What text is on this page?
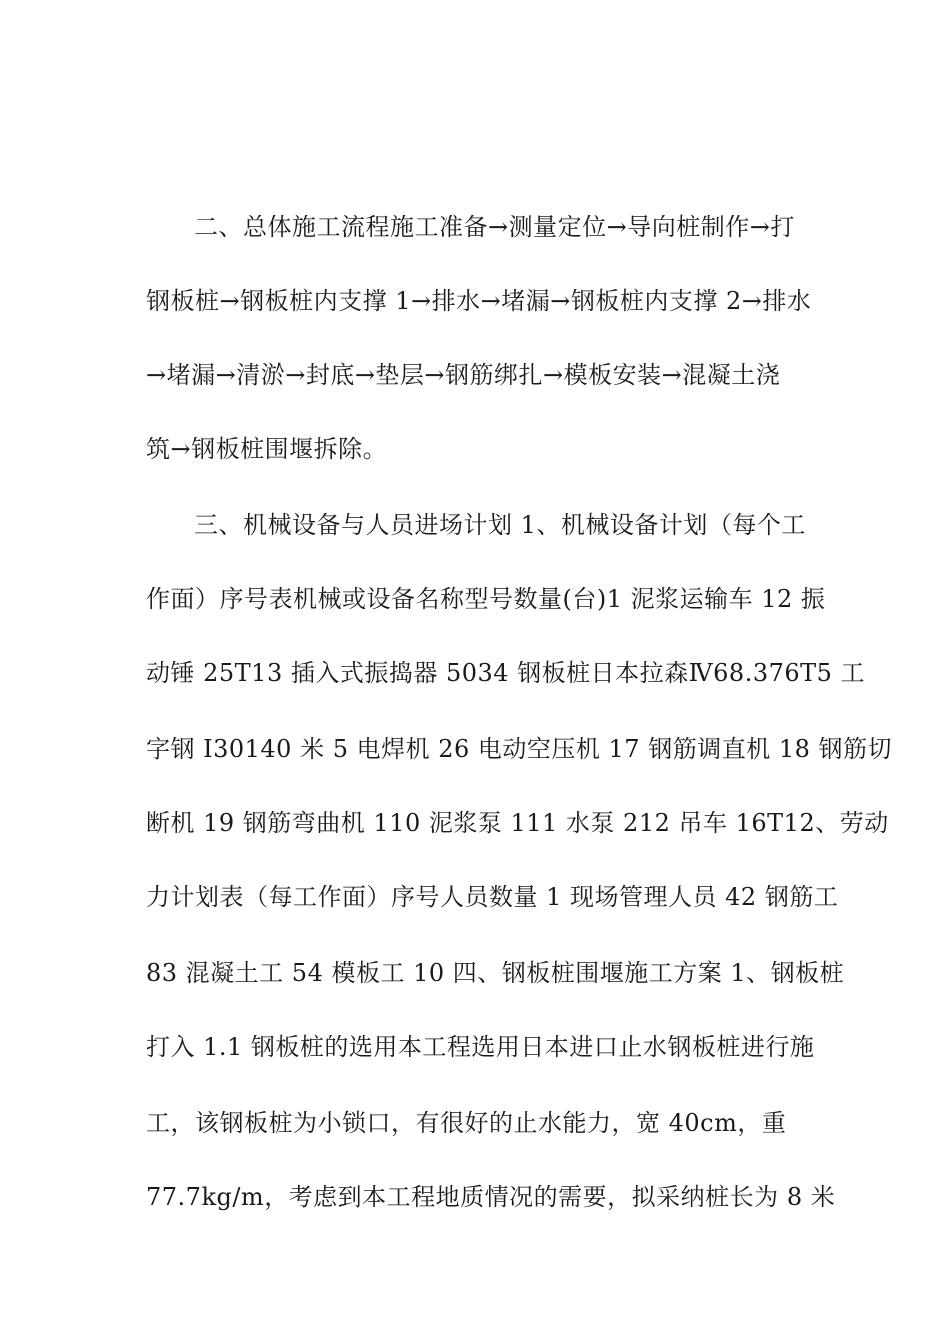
二、总体施工流程施工准备→测量定位→导向桩制作→打
钢板桩→钢板桩内支撑 1→排水→堵漏→钢板桩内支撑 2→排水
→堵漏→清淤→封底→垫层→钢筋绑扎→模板安装→混凝土浇
筑→钢板桩围堰拆除。
三、机械设备与人员进场计划 1、机械设备计划（每个工
作面）序号表机械或设备名称型号数量(台)1 泥浆运输车 12 振
动锤 25T13 插入式振捣器 5034 钢板桩日本拉森Ⅳ68.376T5 工
字钢 I30140 米 5 电焊机 26 电动空压机 17 钢筋调直机 18 钢筋切
断机 19 钢筋弯曲机 110 泥浆泵 111 水泵 212 吊车 16T12、劳动
力计划表（每工作面）序号人员数量 1 现场管理人员 42 钢筋工
83 混凝土工 54 模板工 10 四、钢板桩围堰施工方案 1、钢板桩
打入 1.1 钢板桩的选用本工程选用日本进口止水钢板桩进行施
工，该钢板桩为小锁口，有很好的止水能力，宽 40cm，重
77.7kg/m，考虑到本工程地质情况的需要，拟采纳桩长为 8 米
